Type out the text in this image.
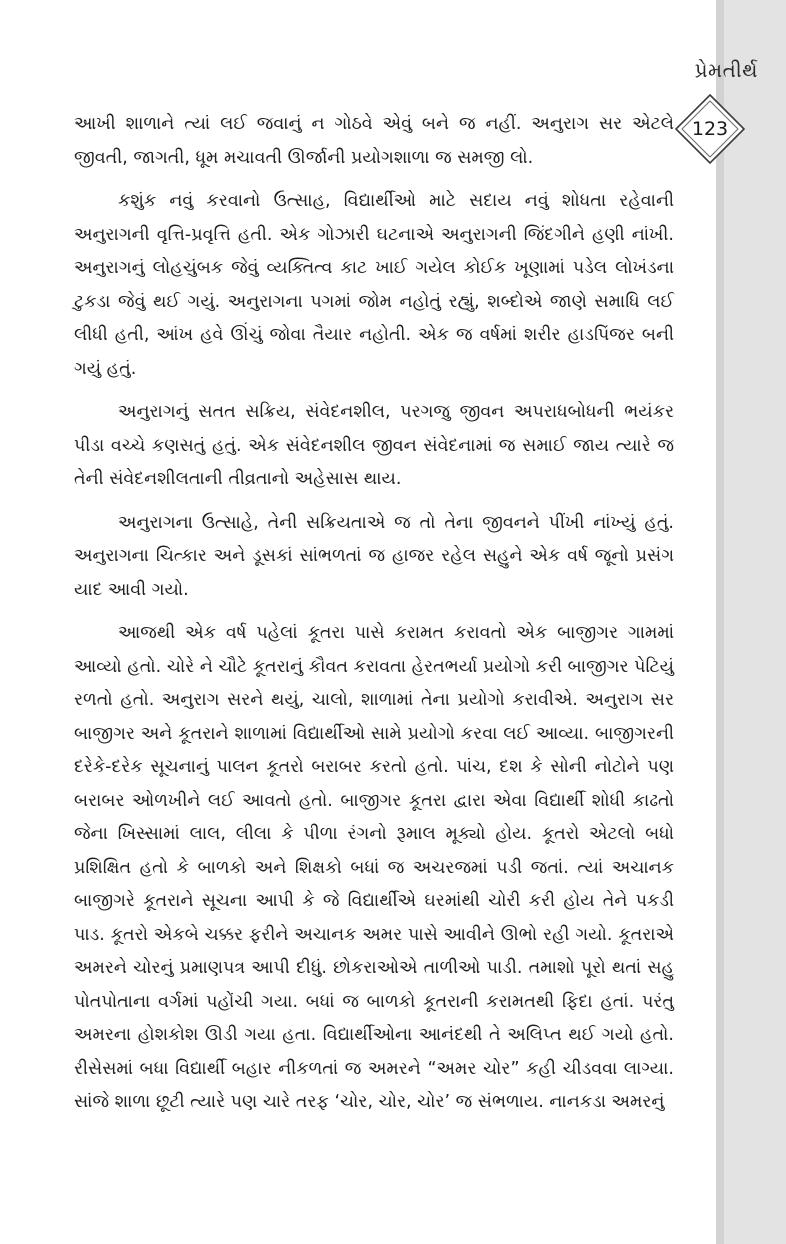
પ્રેમતીર્થ
123

આખી શાળાને ત્યાં લઈ જવાનું ન ગોઠવે એવું બને જ નહીં. અનુરાગ સર એટલે જીવતી, જાગતી, ધૂમ મચાવતી ઊર્જાની પ્રયોગશાળા જ સમજી લો.

કશુંક નવું કરવાનો ઉત્સાહ, વિદ્યાર્થીઓ માટે સદાય નવું શોધતા રહેવાની અનુરાગની વૃત્તિ-પ્રવૃત્તિ હતી. એક ગોઝારી ઘટનાએ અનુરાગની જિંદગીને હણી નાંખી. અનુરાગનું લોહચુંબક જેવું વ્યક્તિત્વ કાટ ખાઈ ગયેલ કોઈક ખૂણામાં પડેલ લોખંડના ટુકડા જેવું થઈ ગયું. અનુરાગના પગમાં જોમ નહોતું રહ્યું, શબ્દોએ જાણે સમાધિ લઈ લીધી હતી, આંખ હવે ઊંચું જોવા તૈયાર નહોતી. એક જ વર્ષમાં શરીર હાડપિંજર બની ગયું હતું.

અનુરાગનું સતત સક્રિય, સંવેદનશીલ, પરગજુ જીવન અપરાધબોધની ભયંકર પીડા વચ્ચે કણસતું હતું. એક સંવેદનશીલ જીવન સંવેદનામાં જ સમાઈ જાય ત્યારે જ તેની સંવેદનશીલતાની તીવ્રતાનો અહેસાસ થાય.

અનુરાગના ઉત્સાહે, તેની સક્રિયતાએ જ તો તેના જીવનને પીંખી નાંખ્યું હતું. અનુરાગના ચિત્કાર અને ડૂસકાં સાંભળતાં જ હાજર રહેલ સહુને એક વર્ષ જૂનો પ્રસંગ યાદ આવી ગયો.

આજથી એક વર્ષ પહેલાં કૂતરા પાસે કરામત કરાવતો એક બાજીગર ગામમાં આવ્યો હતો. ચોરે ને ચૌટે કૂતરાનું કૌવત કરાવતા હેરતભર્યા પ્રયોગો કરી બાજીગર પેટિયું રળતો હતો. અનુરાગ સરને થયું, ચાલો, શાળામાં તેના પ્રયોગો કરાવીએ. અનુરાગ સર બાજીગર અને કૂતરાને શાળામાં વિદ્યાર્થીઓ સામે પ્રયોગો કરવા લઈ આવ્યા. બાજીગરની દરેકે-દરેક સૂચનાનું પાલન કૂતરો બરાબર કરતો હતો. પાંચ, દશ કે સોની નોટોને પણ બરાબર ઓળખીને લઈ આવતો હતો. બાજીગર કૂતરા દ્વારા એવા વિદ્યાર્થી શોધી કાઢતો જેના ખિસ્સામાં લાલ, લીલા કે પીળા રંગનો રૂમાલ મૂક્યો હોય. કૂતરો એટલો બધો પ્રશિક્ષિત હતો કે બાળકો અને શિક્ષકો બધાં જ અચરજમાં પડી જતાં. ત્યાં અચાનક બાજીગરે કૂતરાને સૂચના આપી કે જે વિદ્યાર્થીએ ઘરમાંથી ચોરી કરી હોય તેને પકડી પાડ. કૂતરો એકબે ચક્કર ફરીને અચાનક અમર પાસે આવીને ઊભો રહી ગયો. કૂતરાએ અમરને ચોરનું પ્રમાણપત્ર આપી દીધું. છોકરાઓએ તાળીઓ પાડી. તમાશો પૂરો થતાં સહુ પોતપોતાના વર્ગમાં પહોંચી ગયા. બધાં જ બાળકો કૂતરાની કરામતથી ફિદા હતાં. પરંતુ અમરના હોશકોશ ઊડી ગયા હતા. વિદ્યાર્થીઓના આનંદથી તે અલિપ્ત થઈ ગયો હતો. રીસેસમાં બધા વિદ્યાર્થી બહાર નીકળતાં જ અમરને “અમર ચોર” કહી ચીડવવા લાગ્યા. સાંજે શાળા છૂટી ત્યારે પણ ચારે તરફ ‘ચોર, ચોર, ચોર’ જ સંભળાય. નાનકડા અમરનું
